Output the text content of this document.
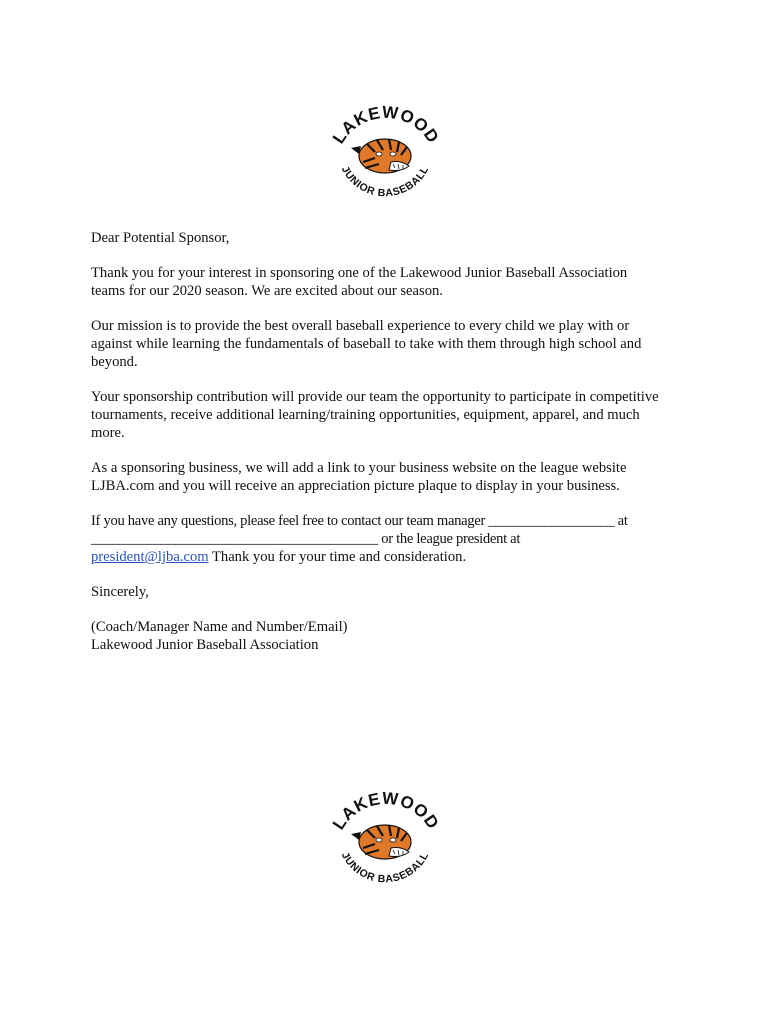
LAKEWOOD
JUNIOR BASEBALL

Dear Potential Sponsor,

Thank you for your interest in sponsoring one of the Lakewood Junior Baseball Association
teams for our 2020 season. We are excited about our season.

Our mission is to provide the best overall baseball experience to every child we play with or
against while learning the fundamentals of baseball to take with them through high school and
beyond.

Your sponsorship contribution will provide our team the opportunity to participate in competitive
tournaments, receive additional learning/training opportunities, equipment, apparel, and much
more.

As a sponsoring business, we will add a link to your business website on the league website
LJBA.com and you will receive an appreciation picture plaque to display in your business.

If you have any questions, please feel free to contact our team manager __________________ at
_________________________________________ or the league president at
president@ljba.com Thank you for your time and consideration.

Sincerely,

(Coach/Manager Name and Number/Email)
Lakewood Junior Baseball Association

LAKEWOOD
JUNIOR BASEBALL
